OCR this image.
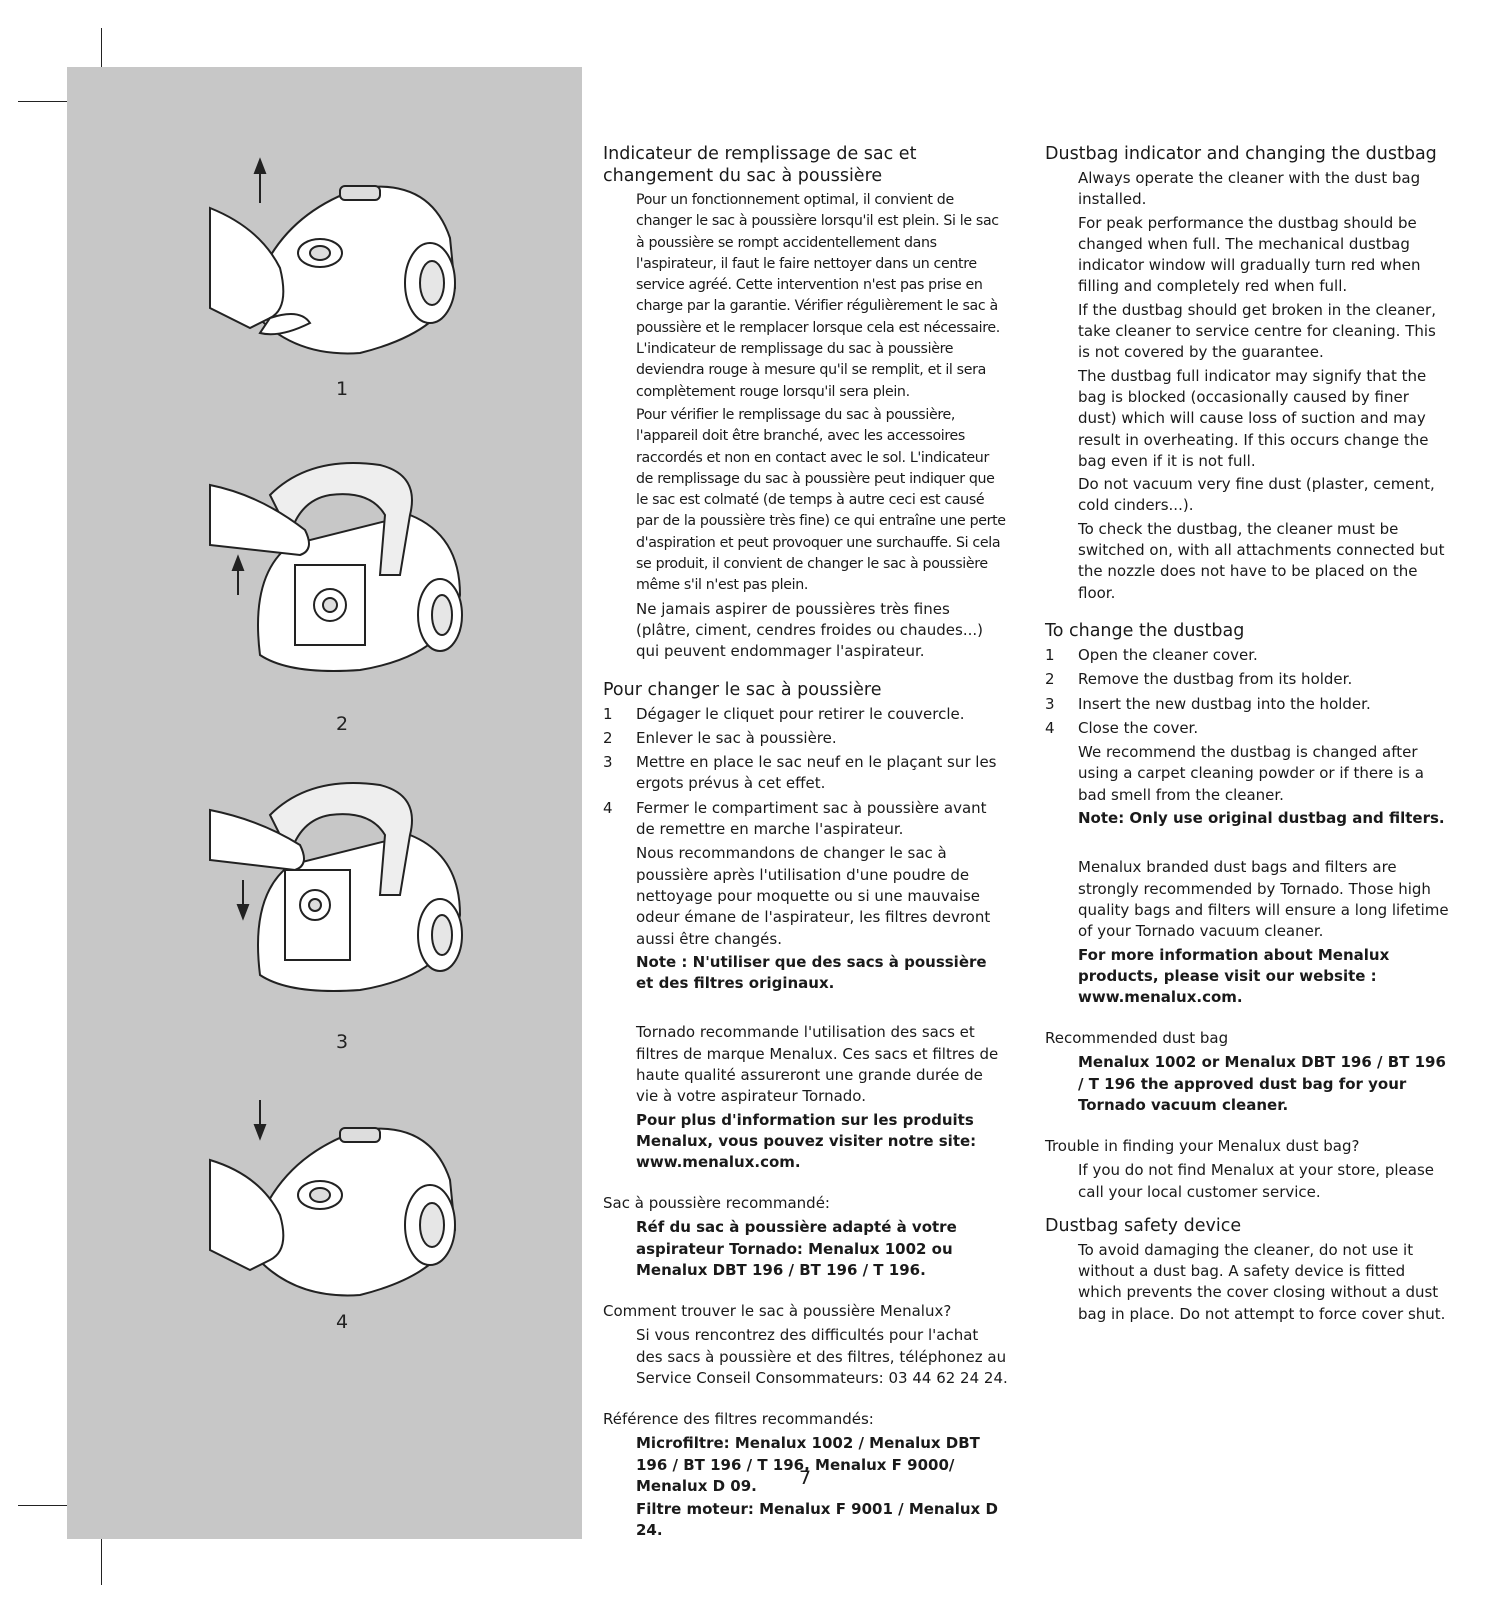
1
2
3
4
Indicateur de remplissage de sac et changement du sac à poussière
Pour un fonctionnement optimal, il convient de changer le sac à poussière lorsqu'il est plein. Si le sac à poussière se rompt accidentellement dans l'aspirateur, il faut le faire nettoyer dans un centre service agréé. Cette intervention n'est pas prise en charge par la garantie. Vérifier régulièrement le sac à poussière et le remplacer lorsque cela est nécessaire. L'indicateur de remplissage du sac à poussière deviendra rouge à mesure qu'il se remplit, et il sera complètement rouge lorsqu'il sera plein.
Pour vérifier le remplissage du sac à poussière, l'appareil doit être branché, avec les accessoires raccordés et non en contact avec le sol. L'indicateur de remplissage du sac à poussière peut indiquer que le sac est colmaté (de temps à autre ceci est causé par de la poussière très fine) ce qui entraîne une perte d'aspiration et peut provoquer une surchauffe. Si cela se produit, il convient de changer le sac à poussière même s'il n'est pas plein.
Ne jamais aspirer de poussières très fines (plâtre, ciment, cendres froides ou chaudes...) qui peuvent endommager l'aspirateur.
Pour changer le sac à poussière
1	Dégager le cliquet pour retirer le couvercle.
2	Enlever le sac à poussière.
3	Mettre en place le sac neuf en le plaçant sur les ergots prévus à cet effet.
4	Fermer le compartiment sac à poussière avant de remettre en marche l'aspirateur.
Nous recommandons de changer le sac à poussière après l'utilisation d'une poudre de nettoyage pour moquette ou si une mauvaise odeur émane de l'aspirateur, les filtres devront aussi être changés.
Note : N'utiliser que des sacs à poussière et des filtres originaux.
Tornado recommande l'utilisation des sacs et filtres de marque Menalux. Ces sacs et filtres de haute qualité assureront une grande durée de vie à votre aspirateur Tornado.
Pour plus d'information sur les produits Menalux, vous pouvez visiter notre site: www.menalux.com.
Sac à poussière recommandé:
Réf du sac à poussière adapté à votre aspirateur Tornado: Menalux 1002 ou Menalux DBT 196 / BT 196 / T 196.
Comment trouver le sac à poussière Menalux?
Si vous rencontrez des difficultés pour l'achat des sacs à poussière et des filtres, téléphonez au Service Conseil Consommateurs: 03 44 62 24 24.
Référence des filtres recommandés:
Microfiltre: Menalux 1002 / Menalux DBT 196 / BT 196 / T 196, Menalux F 9000/ Menalux D 09.
Filtre moteur: Menalux F 9001 / Menalux D 24.
Dustbag indicator and changing the dustbag
Always operate the cleaner with the dust bag installed.
For peak performance the dustbag should be changed when full. The mechanical dustbag indicator window will gradually turn red when filling and completely red when full.
If the dustbag should get broken in the cleaner, take cleaner to service centre for cleaning. This is not covered by the guarantee.
The dustbag full indicator may signify that the bag is blocked (occasionally caused by finer dust) which will cause loss of suction and may result in overheating. If this occurs change the bag even if it is not full.
Do not vacuum very fine dust (plaster, cement, cold cinders...).
To check the dustbag, the cleaner must be switched on, with all attachments connected but the nozzle does not have to be placed on the floor.
To change the dustbag
1	Open the cleaner cover.
2	Remove the dustbag from its holder.
3	Insert the new dustbag into the holder.
4	Close the cover.
We recommend the dustbag is changed after using a carpet cleaning powder or if there is a bad smell from the cleaner.
Note: Only use original dustbag and filters.
Menalux branded dust bags and filters are strongly recommended by Tornado. Those high quality bags and filters will ensure a long lifetime of your Tornado vacuum cleaner.
For more information about Menalux products, please visit our website : www.menalux.com.
Recommended dust bag
Menalux 1002 or Menalux DBT 196 / BT 196 / T 196 the approved dust bag for your Tornado vacuum cleaner.
Trouble in finding your Menalux dust bag?
If you do not find Menalux at your store, please call your local customer service.
Dustbag safety device
To avoid damaging the cleaner, do not use it without a dust bag. A safety device is fitted which prevents the cover closing without a dust bag in place. Do not attempt to force cover shut.
7
